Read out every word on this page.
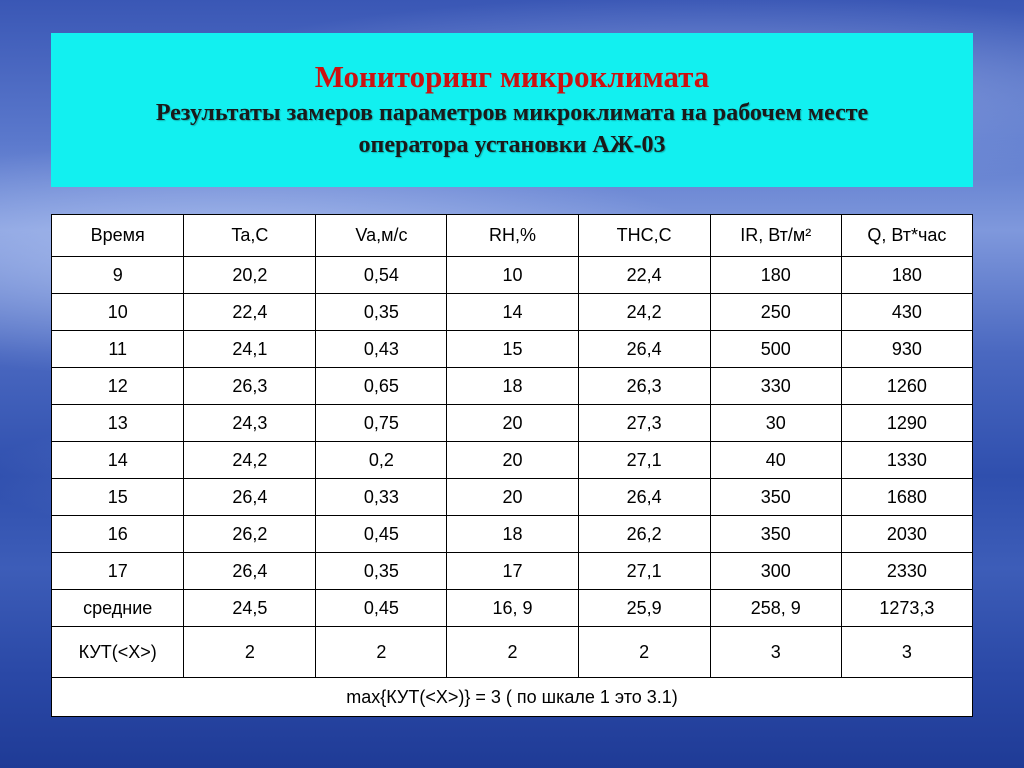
Мониторинг микроклимата

Результаты замеров параметров микроклимата на рабочем месте
оператора установки АЖ-03

Время	Ta,C	Va,м/с	RH,%	THC,C	IR, Вт/м²	Q, Вт*час
9	20,2	0,54	10	22,4	180	180
10	22,4	0,35	14	24,2	250	430
11	24,1	0,43	15	26,4	500	930
12	26,3	0,65	18	26,3	330	1260
13	24,3	0,75	20	27,3	30	1290
14	24,2	0,2	20	27,1	40	1330
15	26,4	0,33	20	26,4	350	1680
16	26,2	0,45	18	26,2	350	2030
17	26,4	0,35	17	27,1	300	2330
средние	24,5	0,45	16, 9	25,9	258, 9	1273,3
КУТ(<X>)	2	2	2	2	3	3
max{КУТ(<X>)} = 3 ( по шкале 1 это 3.1)						
